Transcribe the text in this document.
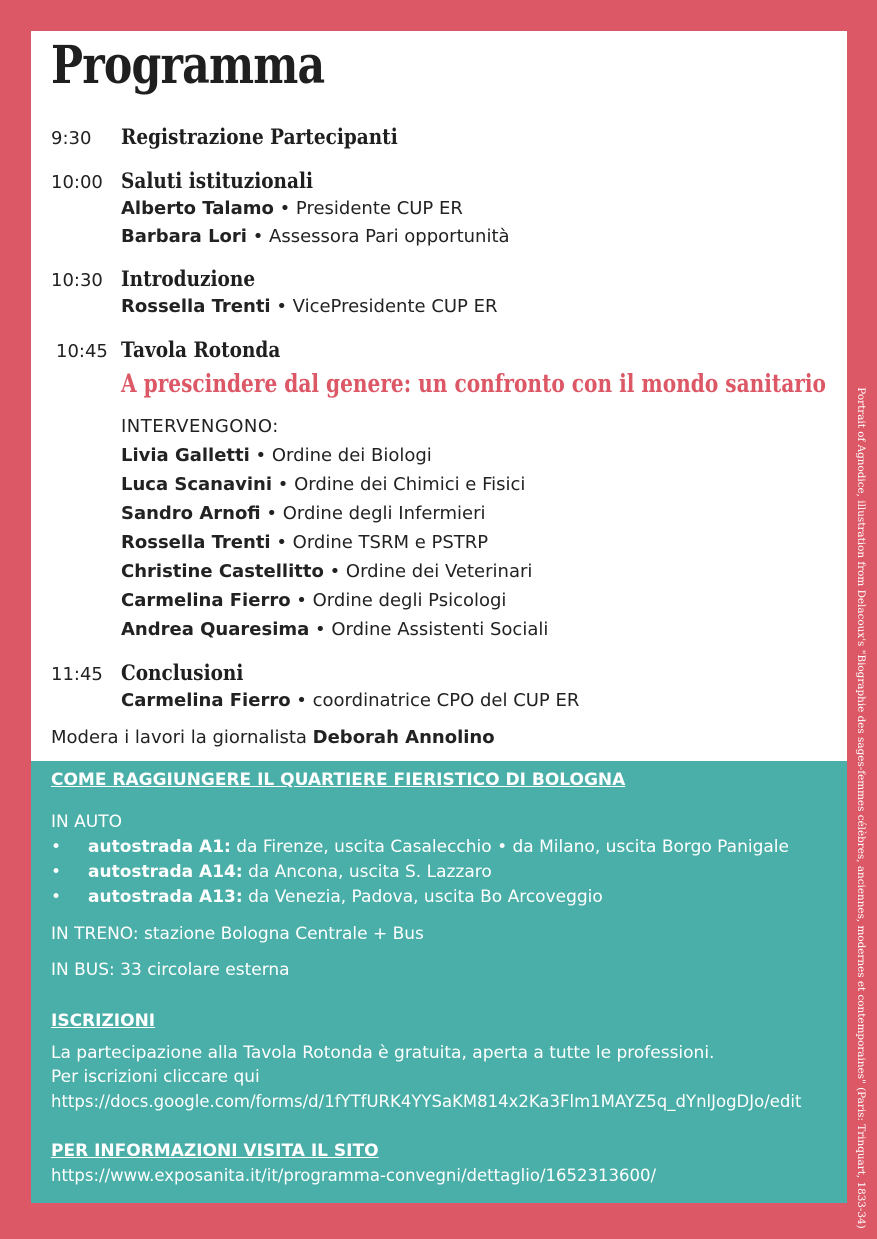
Programma
9:30 Registrazione Partecipanti
10:00 Saluti istituzionali
Alberto Talamo • Presidente CUP ER
Barbara Lori • Assessora Pari opportunità
10:30 Introduzione
Rossella Trenti • VicePresidente CUP ER
10:45 Tavola Rotonda
A prescindere dal genere: un confronto con il mondo sanitario
INTERVENGONO:
Livia Galletti • Ordine dei Biologi
Luca Scanavini • Ordine dei Chimici e Fisici
Sandro Arnofi • Ordine degli Infermieri
Rossella Trenti • Ordine TSRM e PSTRP
Christine Castellitto • Ordine dei Veterinari
Carmelina Fierro • Ordine degli Psicologi
Andrea Quaresima • Ordine Assistenti Sociali
11:45 Conclusioni
Carmelina Fierro • coordinatrice CPO del CUP ER
Modera i lavori la giornalista Deborah Annolino
COME RAGGIUNGERE IL QUARTIERE FIERISTICO DI BOLOGNA
IN AUTO
• autostrada A1: da Firenze, uscita Casalecchio • da Milano, uscita Borgo Panigale
• autostrada A14: da Ancona, uscita S. Lazzaro
• autostrada A13: da Venezia, Padova, uscita Bo Arcoveggio
IN TRENO: stazione Bologna Centrale + Bus
IN BUS: 33 circolare esterna
ISCRIZIONI
La partecipazione alla Tavola Rotonda è gratuita, aperta a tutte le professioni.
Per iscrizioni cliccare qui
https://docs.google.com/forms/d/1fYTfURK4YYSaKM814x2Ka3Flm1MAYZ5q_dYnlJogDJo/edit
PER INFORMAZIONI VISITA IL SITO
https://www.exposanita.it/it/programma-convegni/dettaglio/1652313600/	Portrait of Agnodice, illustration from Delacoux's "Biographie des sages-femmes célèbres, anciennes, modernes et contemporaines" (Paris: Trinquart, 1833-34)
